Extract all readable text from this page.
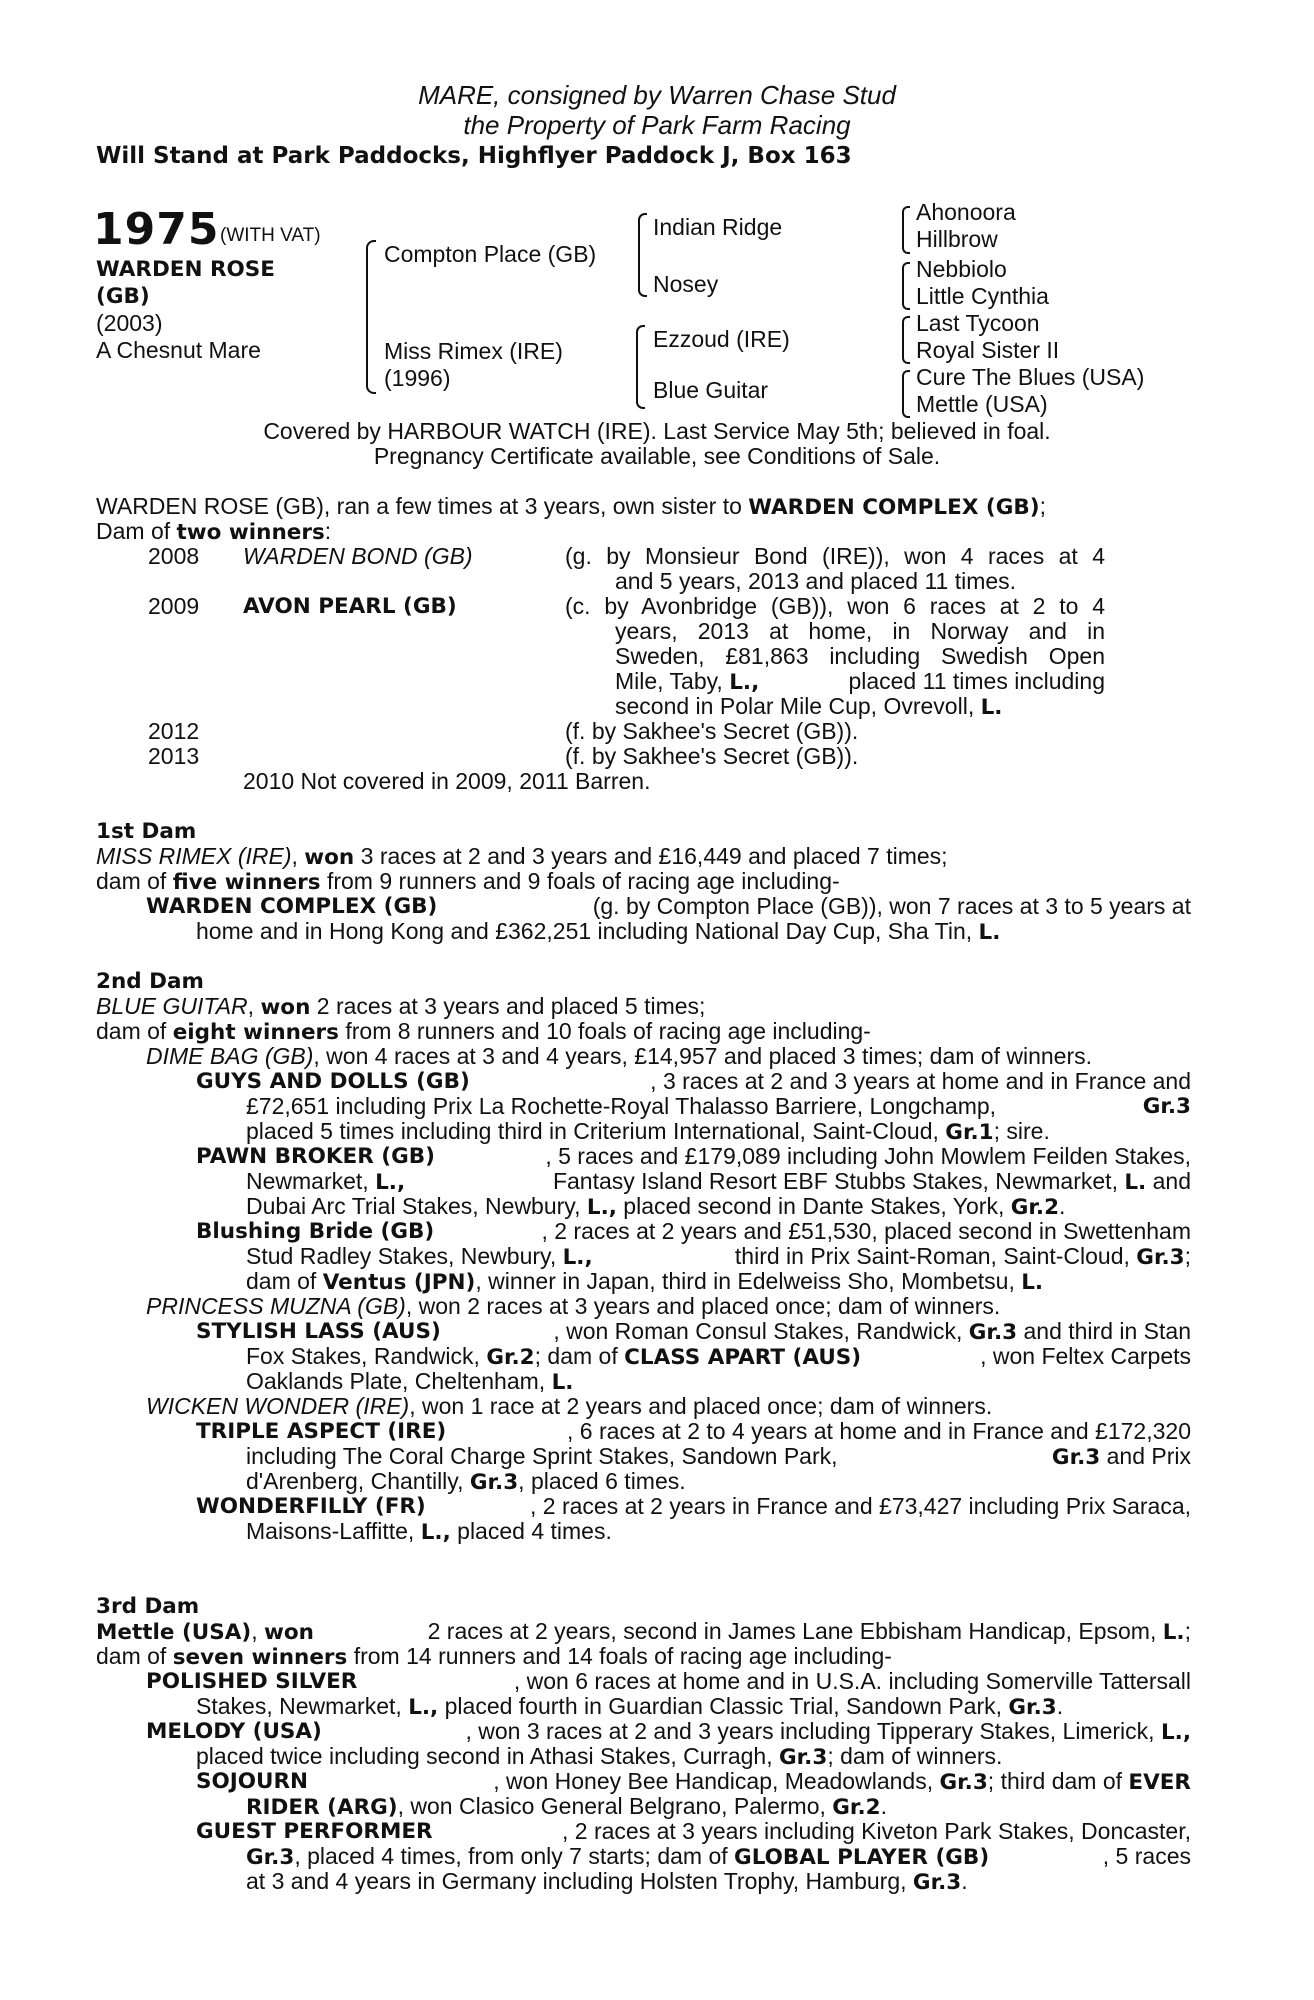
MARE, consigned by Warren Chase Stud
the Property of Park Farm Racing
Will Stand at Park Paddocks, Highflyer Paddock J, Box 163
1975 (WITH VAT)
WARDEN ROSE
(GB)
(2003)
A Chesnut Mare
Compton Place (GB)
Miss Rimex (IRE)
(1996)
Indian Ridge
Nosey
Ezzoud (IRE)
Blue Guitar
Ahonoora
Hillbrow
Nebbiolo
Little Cynthia
Last Tycoon
Royal Sister II
Cure The Blues (USA)
Mettle (USA)
Covered by HARBOUR WATCH (IRE). Last Service May 5th; believed in foal.
Pregnancy Certificate available, see Conditions of Sale.
WARDEN ROSE (GB), ran a few times at 3 years, own sister to WARDEN COMPLEX (GB);
Dam of two winners:
2008 WARDEN BOND (GB)	(g. by Monsieur Bond (IRE)), won 4 races at 4
and 5 years, 2013 and placed 11 times.
2009 AVON PEARL (GB)	(c. by Avonbridge (GB)), won 6 races at 2 to 4
years, 2013 at home, in Norway and in
Sweden, £81,863 including Swedish Open
Mile, Taby, L.,	placed 11 times including
second in Polar Mile Cup, Ovrevoll, L.
2012	(f. by Sakhee's Secret (GB)).
2013	(f. by Sakhee's Secret (GB)).
2010 Not covered in 2009, 2011 Barren.
1st Dam
MISS RIMEX (IRE), won 3 races at 2 and 3 years and £16,449 and placed 7 times;
dam of five winners from 9 runners and 9 foals of racing age including-
WARDEN COMPLEX (GB)	(g. by Compton Place (GB)), won 7 races at 3 to 5 years at
home and in Hong Kong and £362,251 including National Day Cup, Sha Tin, L.
2nd Dam
BLUE GUITAR, won 2 races at 3 years and placed 5 times;
dam of eight winners from 8 runners and 10 foals of racing age including-
DIME BAG (GB), won 4 races at 3 and 4 years, £14,957 and placed 3 times; dam of winners.
GUYS AND DOLLS (GB)	, 3 races at 2 and 3 years at home and in France and
£72,651 including Prix La Rochette-Royal Thalasso Barriere, Longchamp,	Gr.3
placed 5 times including third in Criterium International, Saint-Cloud, Gr.1; sire.
PAWN BROKER (GB)	, 5 races and £179,089 including John Mowlem Feilden Stakes,
Newmarket, L.,	Fantasy Island Resort EBF Stubbs Stakes, Newmarket, L. and
Dubai Arc Trial Stakes, Newbury, L., placed second in Dante Stakes, York, Gr.2.
Blushing Bride (GB)	, 2 races at 2 years and £51,530, placed second in Swettenham
Stud Radley Stakes, Newbury, L.,	third in Prix Saint-Roman, Saint-Cloud, Gr.3;
dam of Ventus (JPN), winner in Japan, third in Edelweiss Sho, Mombetsu, L.
PRINCESS MUZNA (GB), won 2 races at 3 years and placed once; dam of winners.
STYLISH LASS (AUS)	, won Roman Consul Stakes, Randwick, Gr.3 and third in Stan
Fox Stakes, Randwick, Gr.2; dam of CLASS APART (AUS)	, won Feltex Carpets
Oaklands Plate, Cheltenham, L.
WICKEN WONDER (IRE), won 1 race at 2 years and placed once; dam of winners.
TRIPLE ASPECT (IRE)	, 6 races at 2 to 4 years at home and in France and £172,320
including The Coral Charge Sprint Stakes, Sandown Park,	Gr.3 and Prix
d'Arenberg, Chantilly, Gr.3, placed 6 times.
WONDERFILLY (FR)	, 2 races at 2 years in France and £73,427 including Prix Saraca,
Maisons-Laffitte, L., placed 4 times.
3rd Dam
Mettle (USA), won	2 races at 2 years, second in James Lane Ebbisham Handicap, Epsom, L.;
dam of seven winners from 14 runners and 14 foals of racing age including-
POLISHED SILVER	, won 6 races at home and in U.S.A. including Somerville Tattersall
Stakes, Newmarket, L., placed fourth in Guardian Classic Trial, Sandown Park, Gr.3.
MELODY (USA)	, won 3 races at 2 and 3 years including Tipperary Stakes, Limerick, L.,
placed twice including second in Athasi Stakes, Curragh, Gr.3; dam of winners.
SOJOURN	, won Honey Bee Handicap, Meadowlands, Gr.3; third dam of EVER
RIDER (ARG), won Clasico General Belgrano, Palermo, Gr.2.
GUEST PERFORMER	, 2 races at 3 years including Kiveton Park Stakes, Doncaster,
Gr.3, placed 4 times, from only 7 starts; dam of GLOBAL PLAYER (GB)	, 5 races
at 3 and 4 years in Germany including Holsten Trophy, Hamburg, Gr.3.
